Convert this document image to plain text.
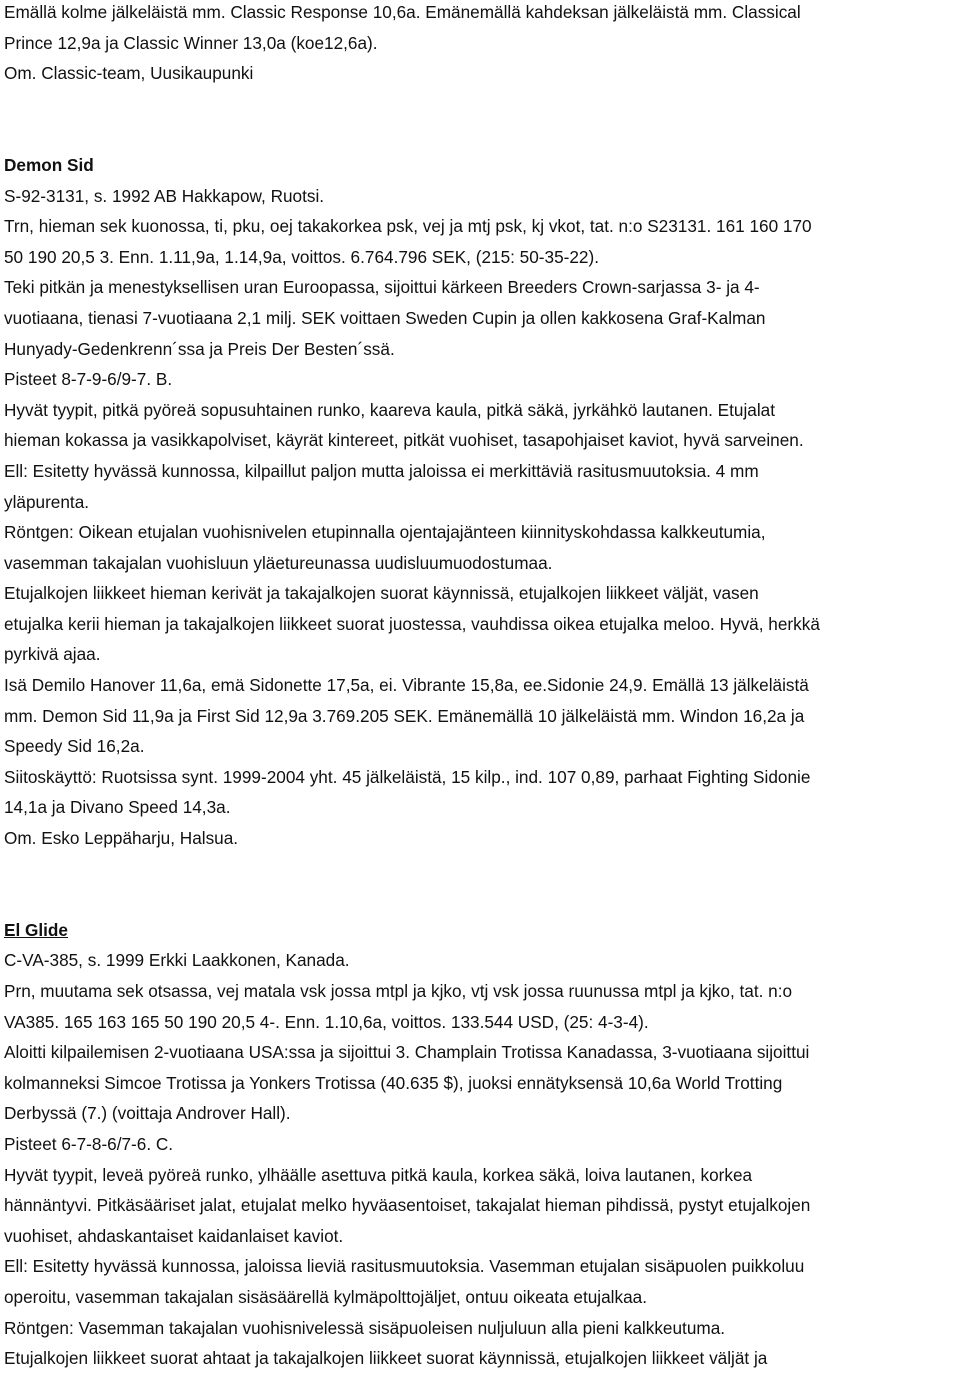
Emällä kolme jälkeläistä mm. Classic Response 10,6a. Emänemällä kahdeksan jälkeläistä mm. Classical
Prince 12,9a ja Classic Winner 13,0a (koe12,6a).
Om. Classic-team, Uusikaupunki
Demon Sid
S-92-3131, s. 1992 AB Hakkapow, Ruotsi.
Trn, hieman sek kuonossa, ti, pku, oej takakorkea psk, vej ja mtj psk, kj vkot, tat. n:o S23131. 161 160 170
50 190 20,5 3. Enn. 1.11,9a, 1.14,9a, voittos. 6.764.796 SEK, (215: 50-35-22).
Teki pitkän ja menestyksellisen uran Euroopassa, sijoittui kärkeen Breeders Crown-sarjassa 3- ja 4-
vuotiaana, tienasi 7-vuotiaana 2,1 milj. SEK voittaen Sweden Cupin ja ollen kakkosena Graf-Kalman
Hunyady-Gedenkrenn´ssa ja Preis Der Besten´ssä.
Pisteet 8-7-9-6/9-7. B.
Hyvät tyypit, pitkä pyöreä sopusuhtainen runko, kaareva kaula, pitkä säkä, jyrkähkö lautanen. Etujalat
hieman kokassa ja vasikkapolviset, käyrät kintereet, pitkät vuohiset, tasapohjaiset kaviot, hyvä sarveinen.
Ell: Esitetty hyvässä kunnossa, kilpaillut paljon mutta jaloissa ei merkittäviä rasitusmuutoksia. 4 mm
yläpurenta.
Röntgen: Oikean etujalan vuohisnivelen etupinnalla ojentajajänteen kiinnityskohdassa kalkkeutumia,
vasemman takajalan vuohisluun yläetureunassa uudisluumuodostumaa.
Etujalkojen liikkeet hieman kerivät ja takajalkojen suorat käynnissä, etujalkojen liikkeet väljät, vasen
etujalka kerii hieman ja takajalkojen liikkeet suorat juostessa, vauhdissa oikea etujalka meloo. Hyvä, herkkä
pyrkivä ajaa.
Isä Demilo Hanover 11,6a, emä Sidonette 17,5a, ei. Vibrante 15,8a, ee.Sidonie 24,9. Emällä 13 jälkeläistä
mm. Demon Sid 11,9a ja First Sid 12,9a 3.769.205 SEK. Emänemällä 10 jälkeläistä mm. Windon 16,2a ja
Speedy Sid 16,2a.
Siitoskäyttö: Ruotsissa synt. 1999-2004 yht. 45 jälkeläistä, 15 kilp., ind. 107 0,89, parhaat Fighting Sidonie
14,1a ja Divano Speed 14,3a.
Om. Esko Leppäharju, Halsua.
El Glide
C-VA-385, s. 1999 Erkki Laakkonen, Kanada.
Prn, muutama sek otsassa, vej matala vsk jossa mtpl ja kjko, vtj vsk jossa ruunussa mtpl ja kjko, tat. n:o
VA385. 165 163 165 50 190 20,5 4-. Enn. 1.10,6a, voittos. 133.544 USD, (25: 4-3-4).
Aloitti kilpailemisen 2-vuotiaana USA:ssa ja sijoittui 3. Champlain Trotissa Kanadassa, 3-vuotiaana sijoittui
kolmanneksi Simcoe Trotissa ja Yonkers Trotissa (40.635 $), juoksi ennätyksensä 10,6a World Trotting
Derbyssä (7.) (voittaja Androver Hall).
Pisteet 6-7-8-6/7-6. C.
Hyvät tyypit, leveä pyöreä runko, ylhäälle asettuva pitkä kaula, korkea säkä, loiva lautanen, korkea
hännäntyvi. Pitkäsääriset jalat, etujalat melko hyväasentoiset, takajalat hieman pihdissä, pystyt etujalkojen
vuohiset, ahdaskantaiset kaidanlaiset kaviot.
Ell: Esitetty hyvässä kunnossa, jaloissa lieviä rasitusmuutoksia. Vasemman etujalan sisäpuolen puikkoluu
operoitu, vasemman takajalan sisäsäärellä kylmäpolttojäljet, ontuu oikeata etujalkaa.
Röntgen: Vasemman takajalan vuohisnivelessä sisäpuoleisen nuljuluun alla pieni kalkkeutuma.
Etujalkojen liikkeet suorat ahtaat ja takajalkojen liikkeet suorat käynnissä, etujalkojen liikkeet väljät ja
